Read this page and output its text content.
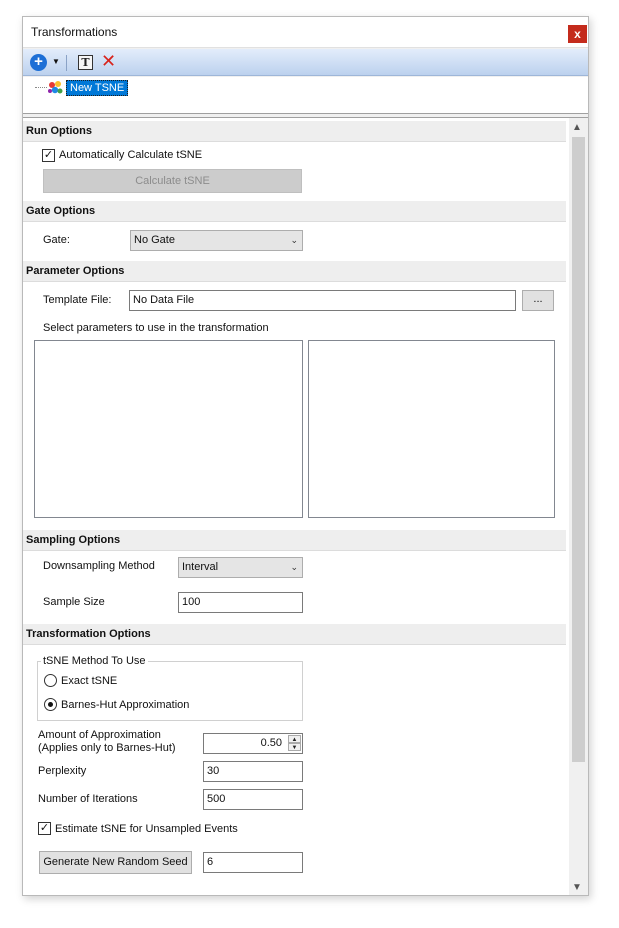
Transformations	x
+	▼	T ✕
New TSNE
Run Options
✓ Automatically Calculate tSNE
Calculate tSNE
Gate Options
Gate:	No Gate	⌄
Parameter Options
Template File:	No Data File	...
Select parameters to use in the transformation
Sampling Options
Downsampling Method	Interval	⌄
Sample Size	100
Transformation Options
tSNE Method To Use
Exact tSNE
Barnes-Hut Approximation
Amount of Approximation
(Applies only to Barnes-Hut)	0.50	▲
▼
Perplexity	30
Number of Iterations	500
✓ Estimate tSNE for Unsampled Events
Generate New Random Seed	6
▲
▼
